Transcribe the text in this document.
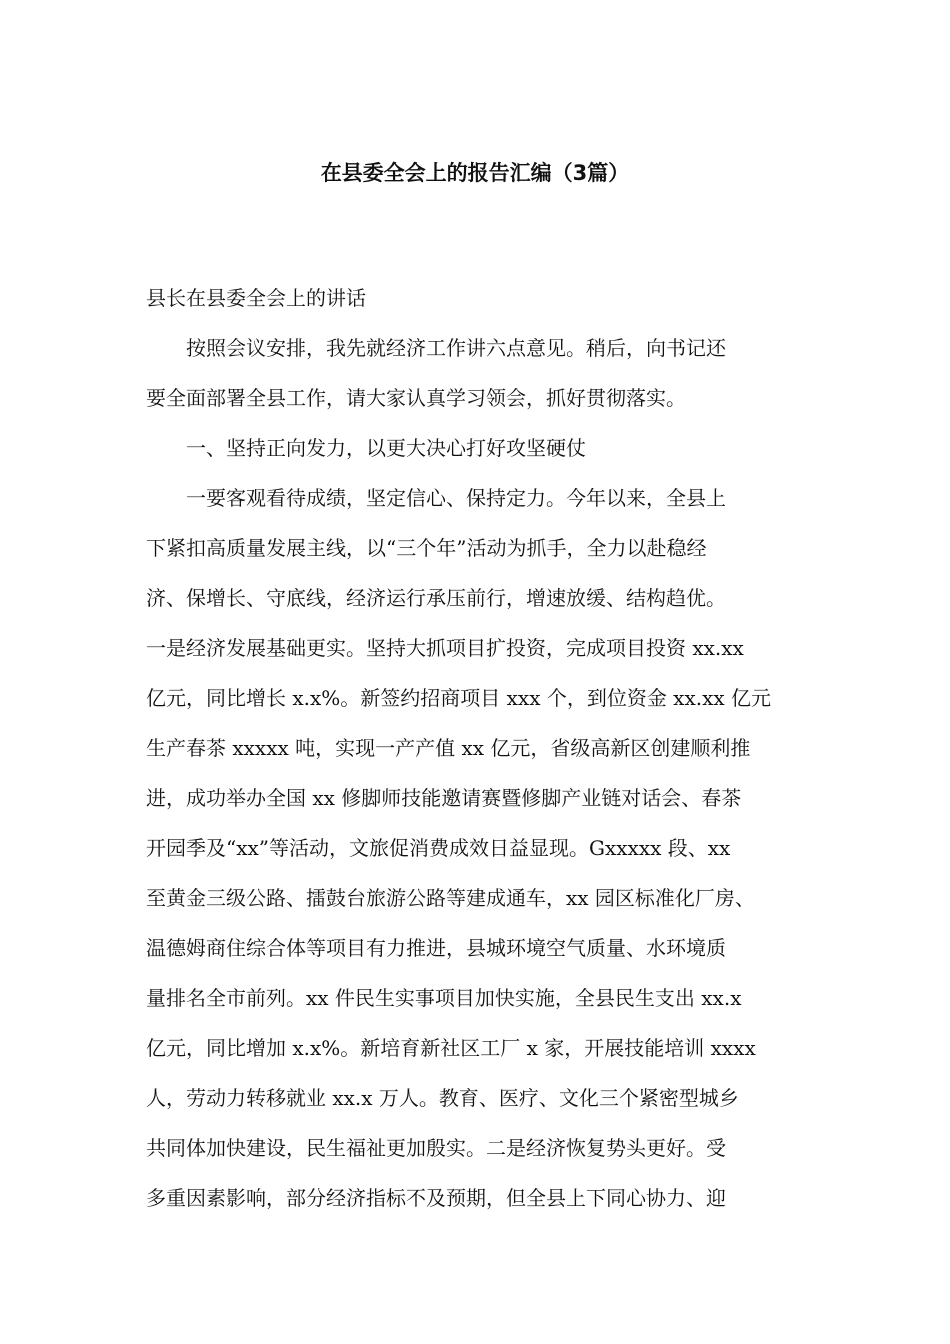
在县委全会上的报告汇编（3篇）

县长在县委全会上的讲话

　　按照会议安排，我先就经济工作讲六点意见。稍后，向书记还

要全面部署全县工作，请大家认真学习领会，抓好贯彻落实。

　　一、坚持正向发力，以更大决心打好攻坚硬仗

　　一要客观看待成绩，坚定信心、保持定力。今年以来，全县上

下紧扣高质量发展主线，以“三个年”活动为抓手，全力以赴稳经

济、保增长、守底线，经济运行承压前行，增速放缓、结构趋优。

一是经济发展基础更实。坚持大抓项目扩投资，完成项目投资 xx.xx

亿元，同比增长 x.x%。新签约招商项目 xxx 个，到位资金 xx.xx 亿元

生产春茶 xxxxx 吨，实现一产产值 xx 亿元，省级高新区创建顺利推

进，成功举办全国 xx 修脚师技能邀请赛暨修脚产业链对话会、春茶

开园季及“xx”等活动，文旅促消费成效日益显现。Gxxxxx 段、xx

至黄金三级公路、擂鼓台旅游公路等建成通车，xx 园区标准化厂房、

温德姆商住综合体等项目有力推进，县城环境空气质量、水环境质

量排名全市前列。xx 件民生实事项目加快实施，全县民生支出 xx.x

亿元，同比增加 x.x%。新培育新社区工厂 x 家，开展技能培训 xxxx

人，劳动力转移就业 xx.x 万人。教育、医疗、文化三个紧密型城乡

共同体加快建设，民生福祉更加殷实。二是经济恢复势头更好。受

多重因素影响，部分经济指标不及预期，但全县上下同心协力、迎
